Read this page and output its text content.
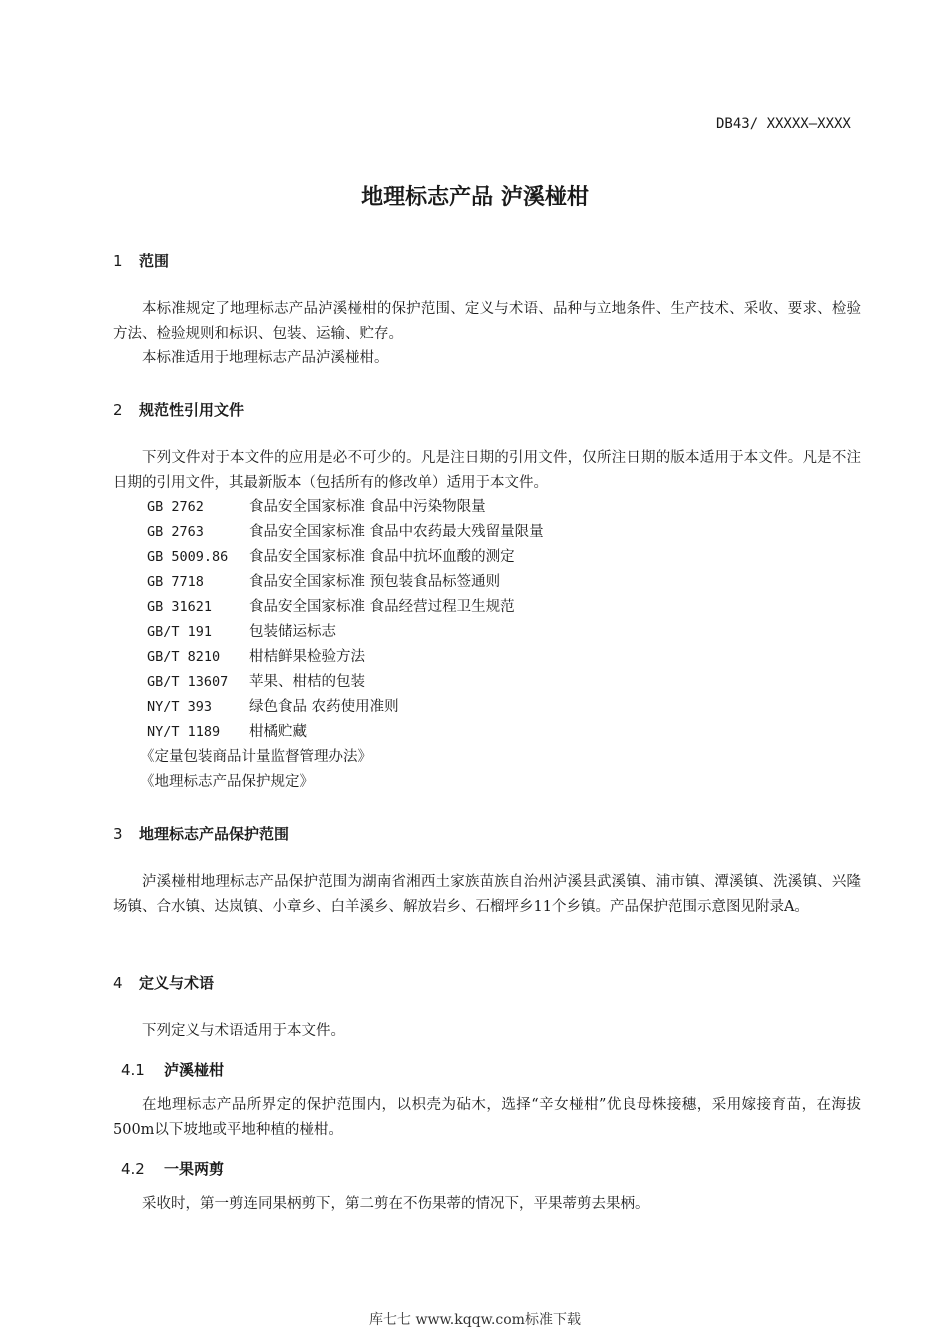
DB43/ XXXXX—XXXX
地理标志产品 泸溪椪柑
1 范围

本标准规定了地理标志产品泸溪椪柑的保护范围、定义与术语、品种与立地条件、生产技术、采收、要求、检验方法、检验规则和标识、包装、运输、贮存。

本标准适用于地理标志产品泸溪椪柑。

2 规范性引用文件

下列文件对于本文件的应用是必不可少的。凡是注日期的引用文件，仅所注日期的版本适用于本文件。凡是不注日期的引用文件，其最新版本（包括所有的修改单）适用于本文件。

GB 2762	食品安全国家标准 食品中污染物限量
GB 2763	食品安全国家标准 食品中农药最大残留量限量
GB 5009.86 食品安全国家标准 食品中抗坏血酸的测定
GB 7718	食品安全国家标准 预包装食品标签通则
GB 31621	食品安全国家标准 食品经营过程卫生规范
GB/T 191	包装储运标志
GB/T 8210 柑桔鲜果检验方法
GB/T 13607 苹果、柑桔的包装
NY/T 393	绿色食品 农药使用准则
NY/T 1189 柑橘贮藏
《定量包装商品计量监督管理办法》
《地理标志产品保护规定》
3 地理标志产品保护范围

泸溪椪柑地理标志产品保护范围为湖南省湘西土家族苗族自治州泸溪县武溪镇、浦市镇、潭溪镇、洗溪镇、兴隆场镇、合水镇、达岚镇、小章乡、白羊溪乡、解放岩乡、石榴坪乡11个乡镇。产品保护范围示意图见附录A。

4 定义与术语

下列定义与术语适用于本文件。

4.1 泸溪椪柑

在地理标志产品所界定的保护范围内，以枳壳为砧木，选择“辛女椪柑”优良母株接穗，采用嫁接育苗，在海拔500m以下坡地或平地种植的椪柑。

4.2 一果两剪

采收时，第一剪连同果柄剪下，第二剪在不伤果蒂的情况下，平果蒂剪去果柄。

库七七 www.kqqw.com标准下载
